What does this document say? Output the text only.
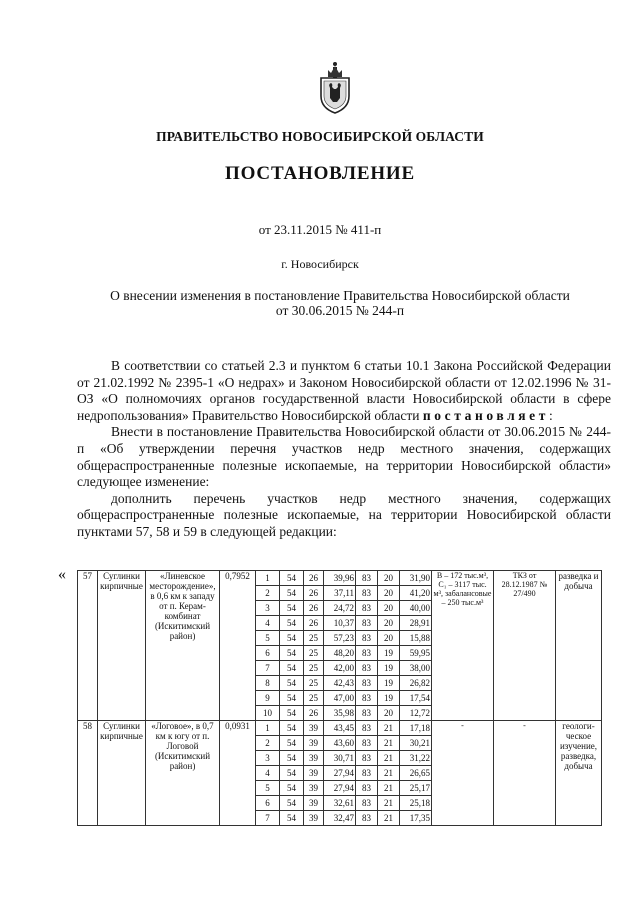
ПРАВИТЕЛЬСТВО НОВОСИБИРСКОЙ ОБЛАСТИ
ПОСТАНОВЛЕНИЕ
от 23.11.2015 № 411-п
г. Новосибирск
О внесении изменения в постановление Правительства Новосибирской области
от 30.06.2015 № 244-п

В соответствии со статьей 2.3 и пунктом 6 статьи 10.1 Закона Российской Федерации от 21.02.1992 № 2395-1 «О недрах» и Законом Новосибирской области от 12.02.1996 № 31-ОЗ «О полномочиях органов государственной власти Новосибирской области в сфере недропользования» Правительство Новосибирской области постановляет:

Внести в постановление Правительства Новосибирской области от 30.06.2015 № 244-п «Об утверждении перечня участков недр местного значения, содержащих общераспространенные полезные ископаемые, на территории Новосибирской области» следующее изменение:

дополнить перечень участков недр местного значения, содержащих общераспространенные полезные ископаемые, на территории Новосибирской области пунктами 57, 58 и 59 в следующей редакции:

« 57	Суглинки кирпичные	«Линевское месторождение», в 0,6 км к западу от п. Керамкомбинат (Искитимский район)	0,7952	1	54	26	39,96	83	20	31,90	B – 172 тыс.м³, C₁ – 3117 тыс. м³, забалансовые – 250 тыс.м³	ТКЗ от 28.12.1987 № 27/490	разведка и добыча
				2	54	26	37,11	83	20	41,20			
				3	54	26	24,72	83	20	40,00			
				4	54	26	10,37	83	20	28,91			
				5	54	25	57,23	83	20	15,88			
				6	54	25	48,20	83	19	59,95			
				7	54	25	42,00	83	19	38,00			
				8	54	25	42,43	83	19	26,82			
				9	54	25	47,00	83	19	17,54			
				10	54	26	35,98	83	20	12,72			
58	Суглинки кирпичные	«Логовое», в 0,7 км к югу от п. Логовой (Искитимский район)	0,0931	1	54	39	43,45	83	21	17,18	-	-	геологическое изучение, разведка, добыча
				2	54	39	43,60	83	21	30,21			
				3	54	39	30,71	83	21	31,22			
				4	54	39	27,94	83	21	26,65			
				5	54	39	27,94	83	21	25,17			
				6	54	39	32,61	83	21	25,18			
				7	54	39	32,47	83	21	17,35			
